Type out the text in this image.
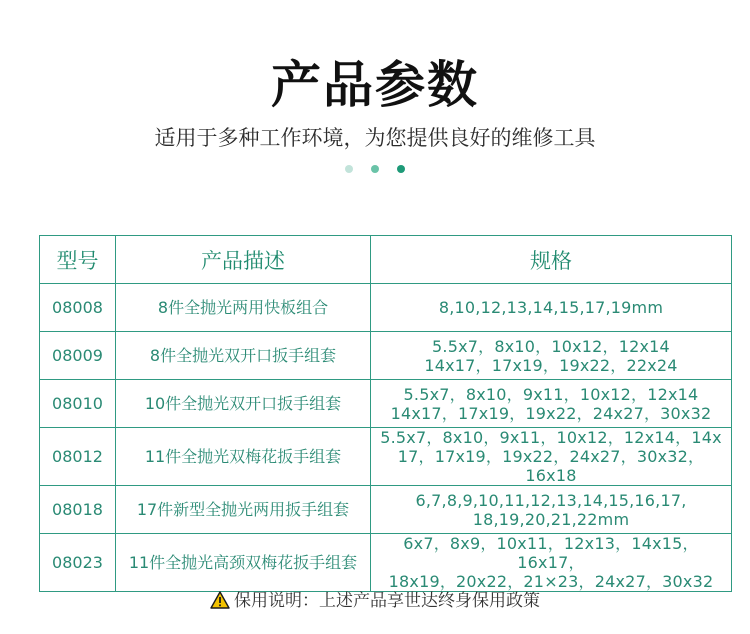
产品参数
适用于多种工作环境，为您提供良好的维修工具
型号	产品描述	规格
08008	8件全抛光两用快板组合	8,10,12,13,14,15,17,19mm
08009	8件全抛光双开口扳手组套	5.5x7，8x10，10x12，12x14
14x17，17x19，19x22，22x24
08010	10件全抛光双开口扳手组套	5.5x7，8x10，9x11，10x12，12x14
14x17，17x19，19x22，24x27，30x32
08012	11件全抛光双梅花扳手组套	5.5x7，8x10，9x11，10x12，12x14，14x
17，17x19，19x22，24x27，30x32，16x18
08018	17件新型全抛光两用扳手组套	6,7,8,9,10,11,12,13,14,15,16,17,
18,19,20,21,22mm
08023	11件全抛光高颈双梅花扳手组套	6x7，8x9，10x11，12x13，14x15，16x17，
18x19，20x22，21×23，24x27，30x32
保用说明：上述产品享世达终身保用政策
